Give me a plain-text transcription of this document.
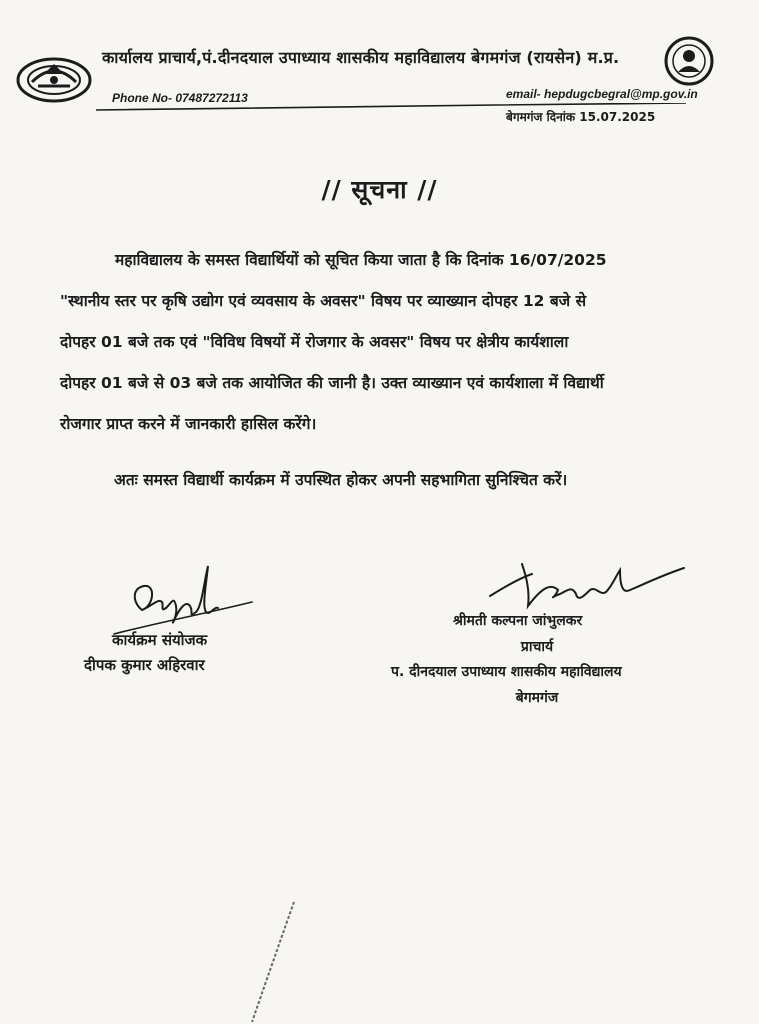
कार्यालय प्राचार्य,पं.दीनदयाल उपाध्याय शासकीय महाविद्यालय बेगमगंज (रायसेन) म.प्र.
Phone No- 07487272113	email- hepdugcbegral@mp.gov.in
बेगमगंज दिनांक 15.07.2025
// सूचना //
महाविद्यालय के समस्त विद्यार्थियों को सूचित किया जाता है कि दिनांक 16/07/2025
"स्थानीय स्तर पर कृषि उद्योग एवं व्यवसाय के अवसर" विषय पर व्याख्यान दोपहर 12 बजे से
दोपहर 01 बजे तक एवं "विविध विषयों में रोजगार के अवसर" विषय पर क्षेत्रीय कार्यशाला
दोपहर 01 बजे से 03 बजे तक आयोजित की जानी है। उक्त व्याख्यान एवं कार्यशाला में विद्यार्थी
रोजगार प्राप्त करने में जानकारी हासिल करेंगे।
अतः समस्त विद्यार्थी कार्यक्रम में उपस्थित होकर अपनी सहभागिता सुनिश्चित करें।
कार्यक्रम संयोजक
दीपक कुमार अहिरवार
श्रीमती कल्पना जांभुलकर
प्राचार्य
प. दीनदयाल उपाध्याय शासकीय महाविद्यालय
बेगमगंज
